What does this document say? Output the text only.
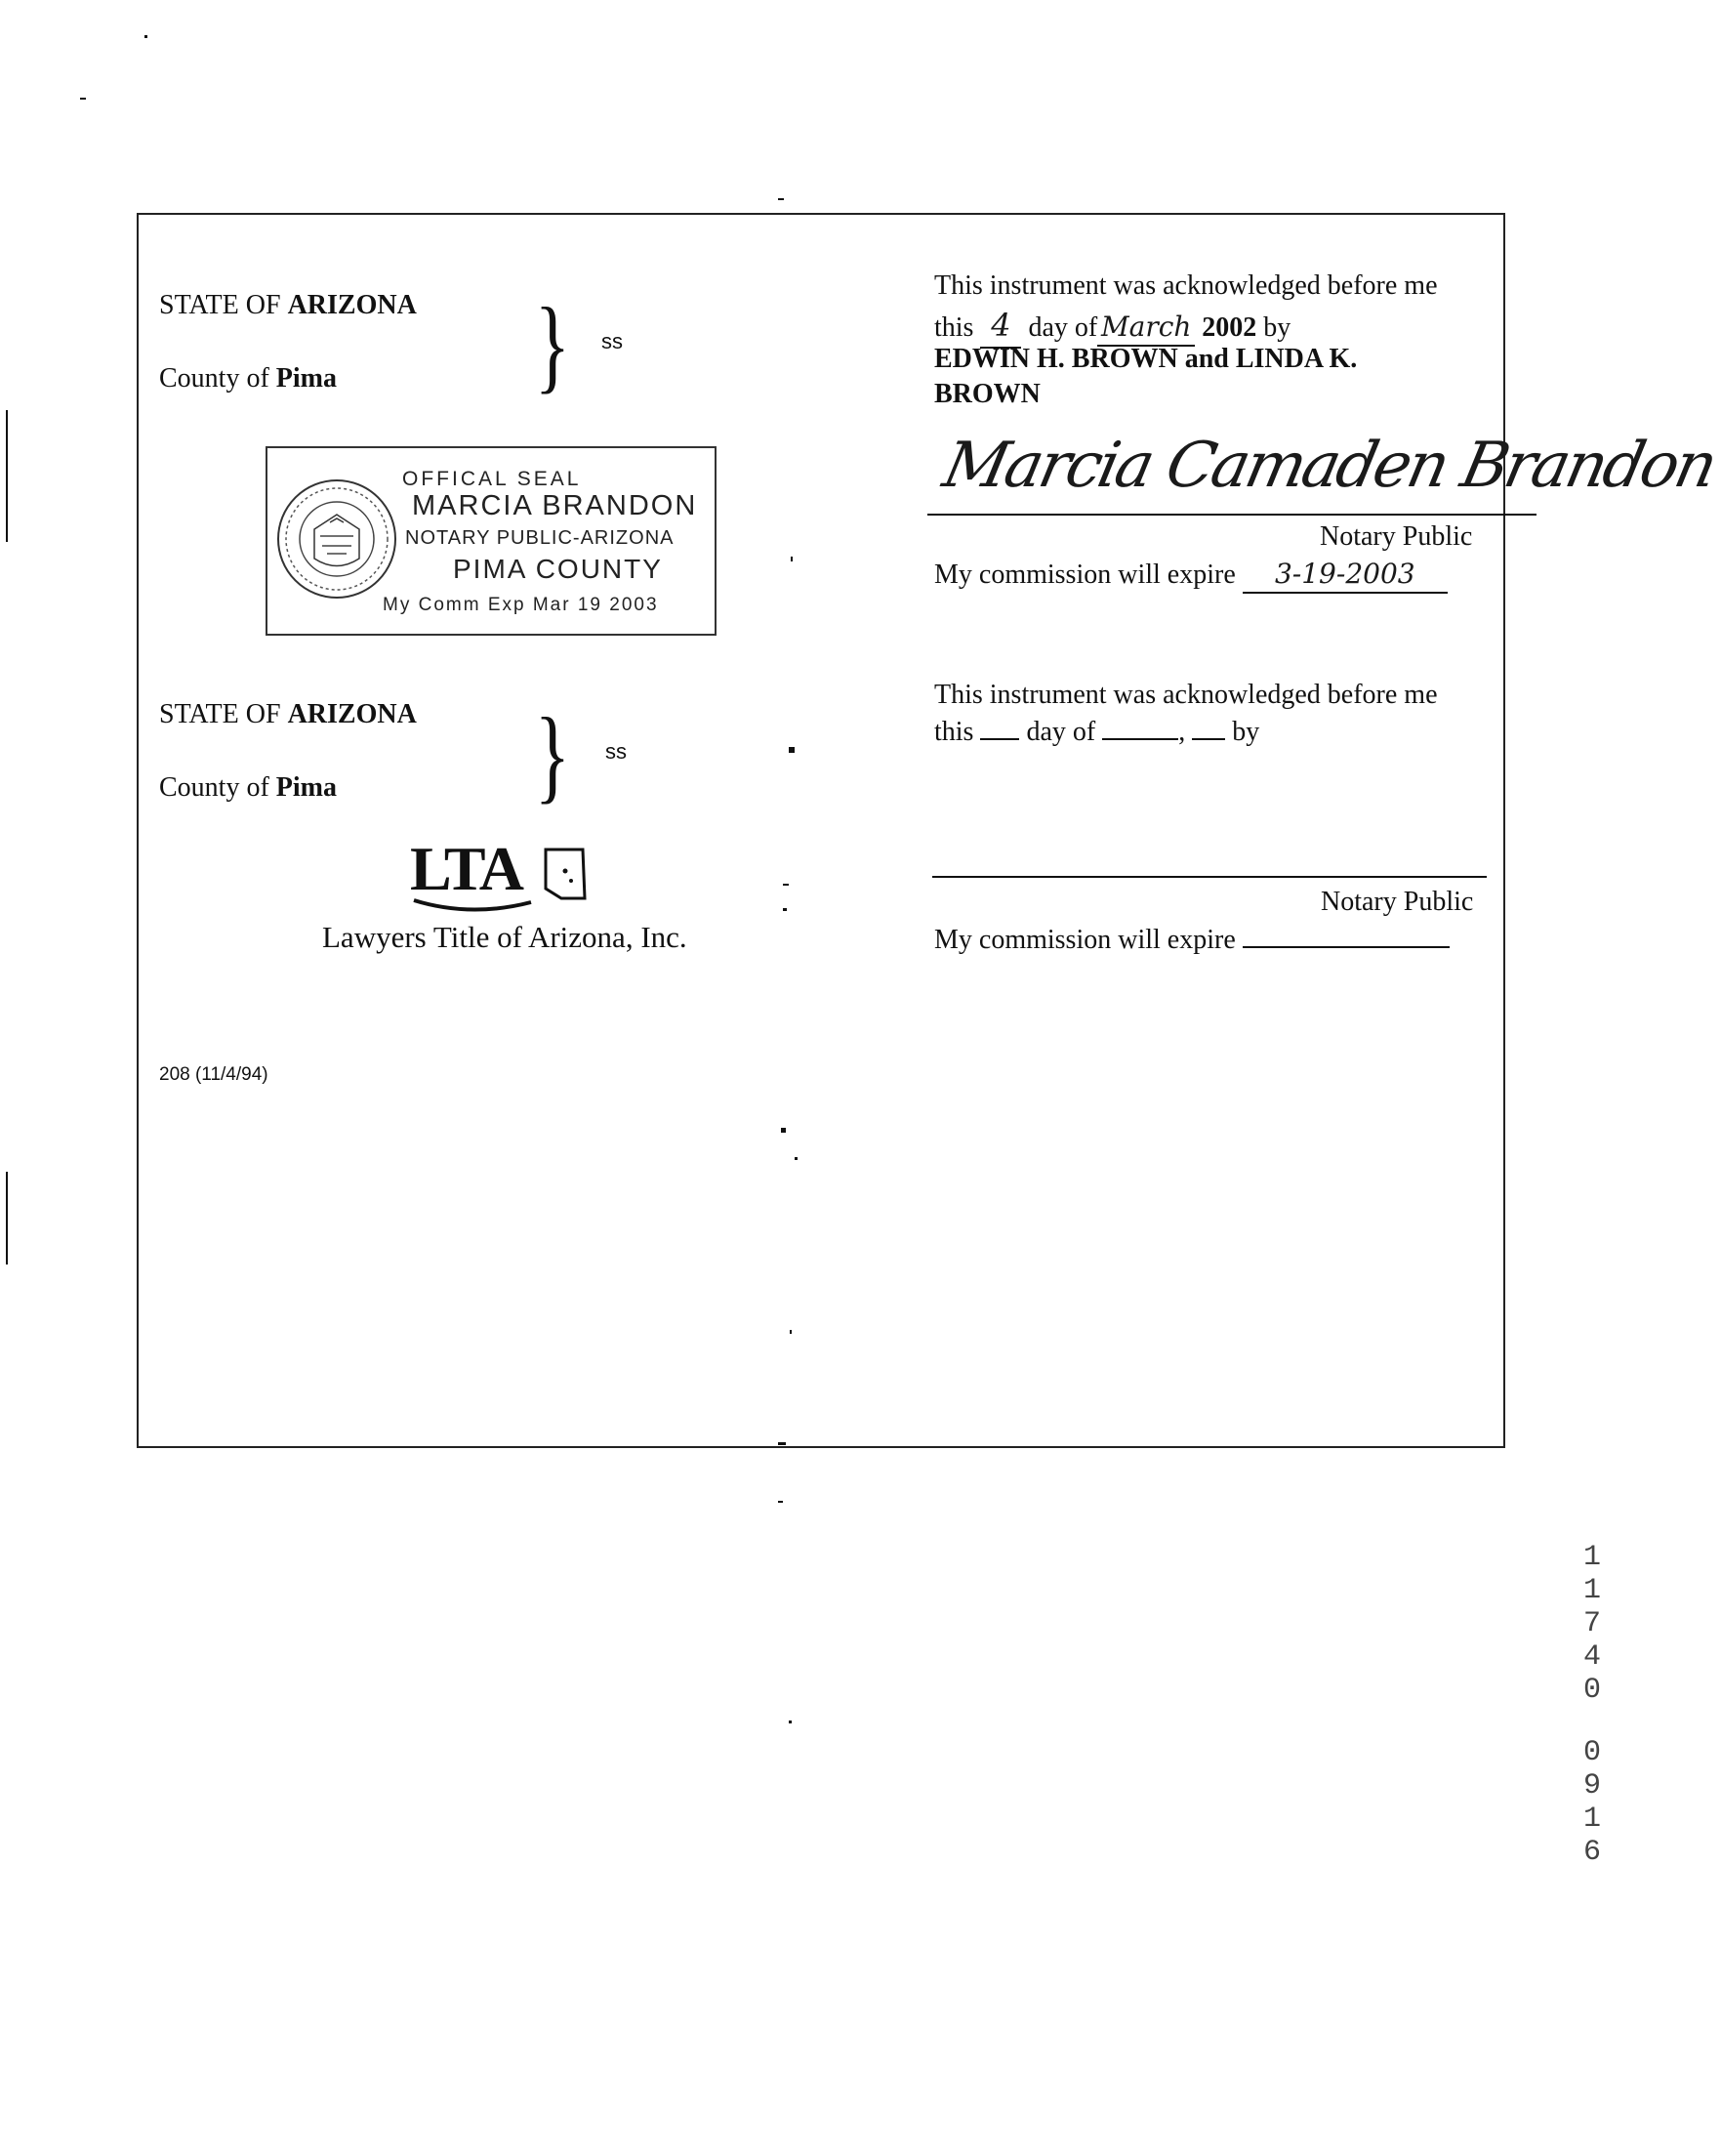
STATE OF ARIZONA
County of Pima } ss
OFFICAL SEAL
MARCIA BRANDON
NOTARY PUBLIC-ARIZONA
PIMA COUNTY
My Comm Exp Mar 19 2003
STATE OF ARIZONA
County of Pima } ss
LTA
Lawyers Title of Arizona, Inc.
208 (11/4/94)
This instrument was acknowledged before me
this 4 day of March 2002 by
EDWIN H. BROWN and LINDA K. BROWN
Marcia Camaden Brandon
Notary Public
My commission will expire 3-19-2003
This instrument was acknowledged before me
this day of	,  by
Notary Public
My commission will expire
1
1
7
4
0
0
9
1
6
